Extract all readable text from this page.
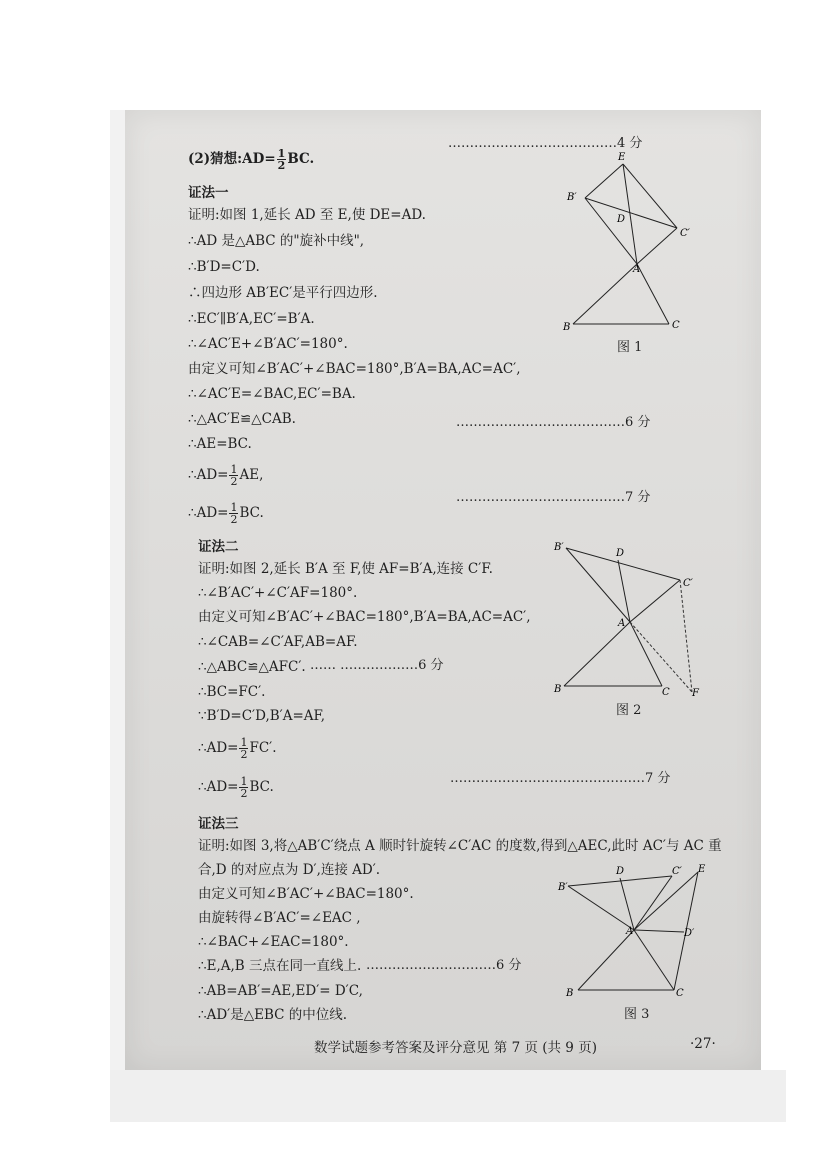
(2)猜想:AD= $\frac{1}{2}$ BC.
…………………………………4 分
证法一
证明:如图 1,延长 AD 至 E,使 DE=AD.
∴AD 是△ABC 的"旋补中线",
∴B′D=C′D.
∴四边形 AB′EC′是平行四边形.
∴EC′∥B′A,EC′=B′A.
∴∠AC′E+∠B′AC′=180°.
由定义可知∠B′AC′+∠BAC=180°,B′A=BA,AC=AC′,
∴∠AC′E=∠BAC,EC′=BA.
∴△AC′E≌△CAB.	…………………………………6 分
∴AE=BC.
∴AD= $\frac{1}{2}$ AE,
…………………………………7 分
∴AD= $\frac{1}{2}$ BC.
证法二
证明:如图 2,延长 B′A 至 F,使 AF=B′A,连接 C′F.
∴∠B′AC′+∠C′AF=180°.
由定义可知∠B′AC′+∠BAC=180°,B′A=BA,AC=AC′,
∴∠CAB=∠C′AF,AB=AF.
∴△ABC≌△AFC′. …… ………………6 分
∴BC=FC′.
∵B′D=C′D,B′A=AF,
∴AD= $\frac{1}{2} FC'$.
………………………………………7 分
∴AD= $\frac{1}{2}$ BC.
证法三
证明:如图 3,将△AB′C′绕点 A 顺时针旋转∠C′AC 的度数,得到△AEC,此时 AC′与 AC 重
合,D 的对应点为 D′,连接 AD′.
由定义可知∠B′AC′+∠BAC=180°.
由旋转得∠B′AC′=∠EAC ,
∴∠BAC+∠EAC=180°.
∴E,A,B 三点在同一直线上. …………………………6 分
∴AB=AB′=AE,ED′= D′C,
∴AD′是△EBC 的中位线.
E
B′
D
C′
A
B	C
图 1
B′
D
C′
A
B	C F
图 2
B′
D	C′ E
A	D′
B	C
图 3
数学试题参考答案及评分意见 第 7 页 (共 9 页)	·27·
